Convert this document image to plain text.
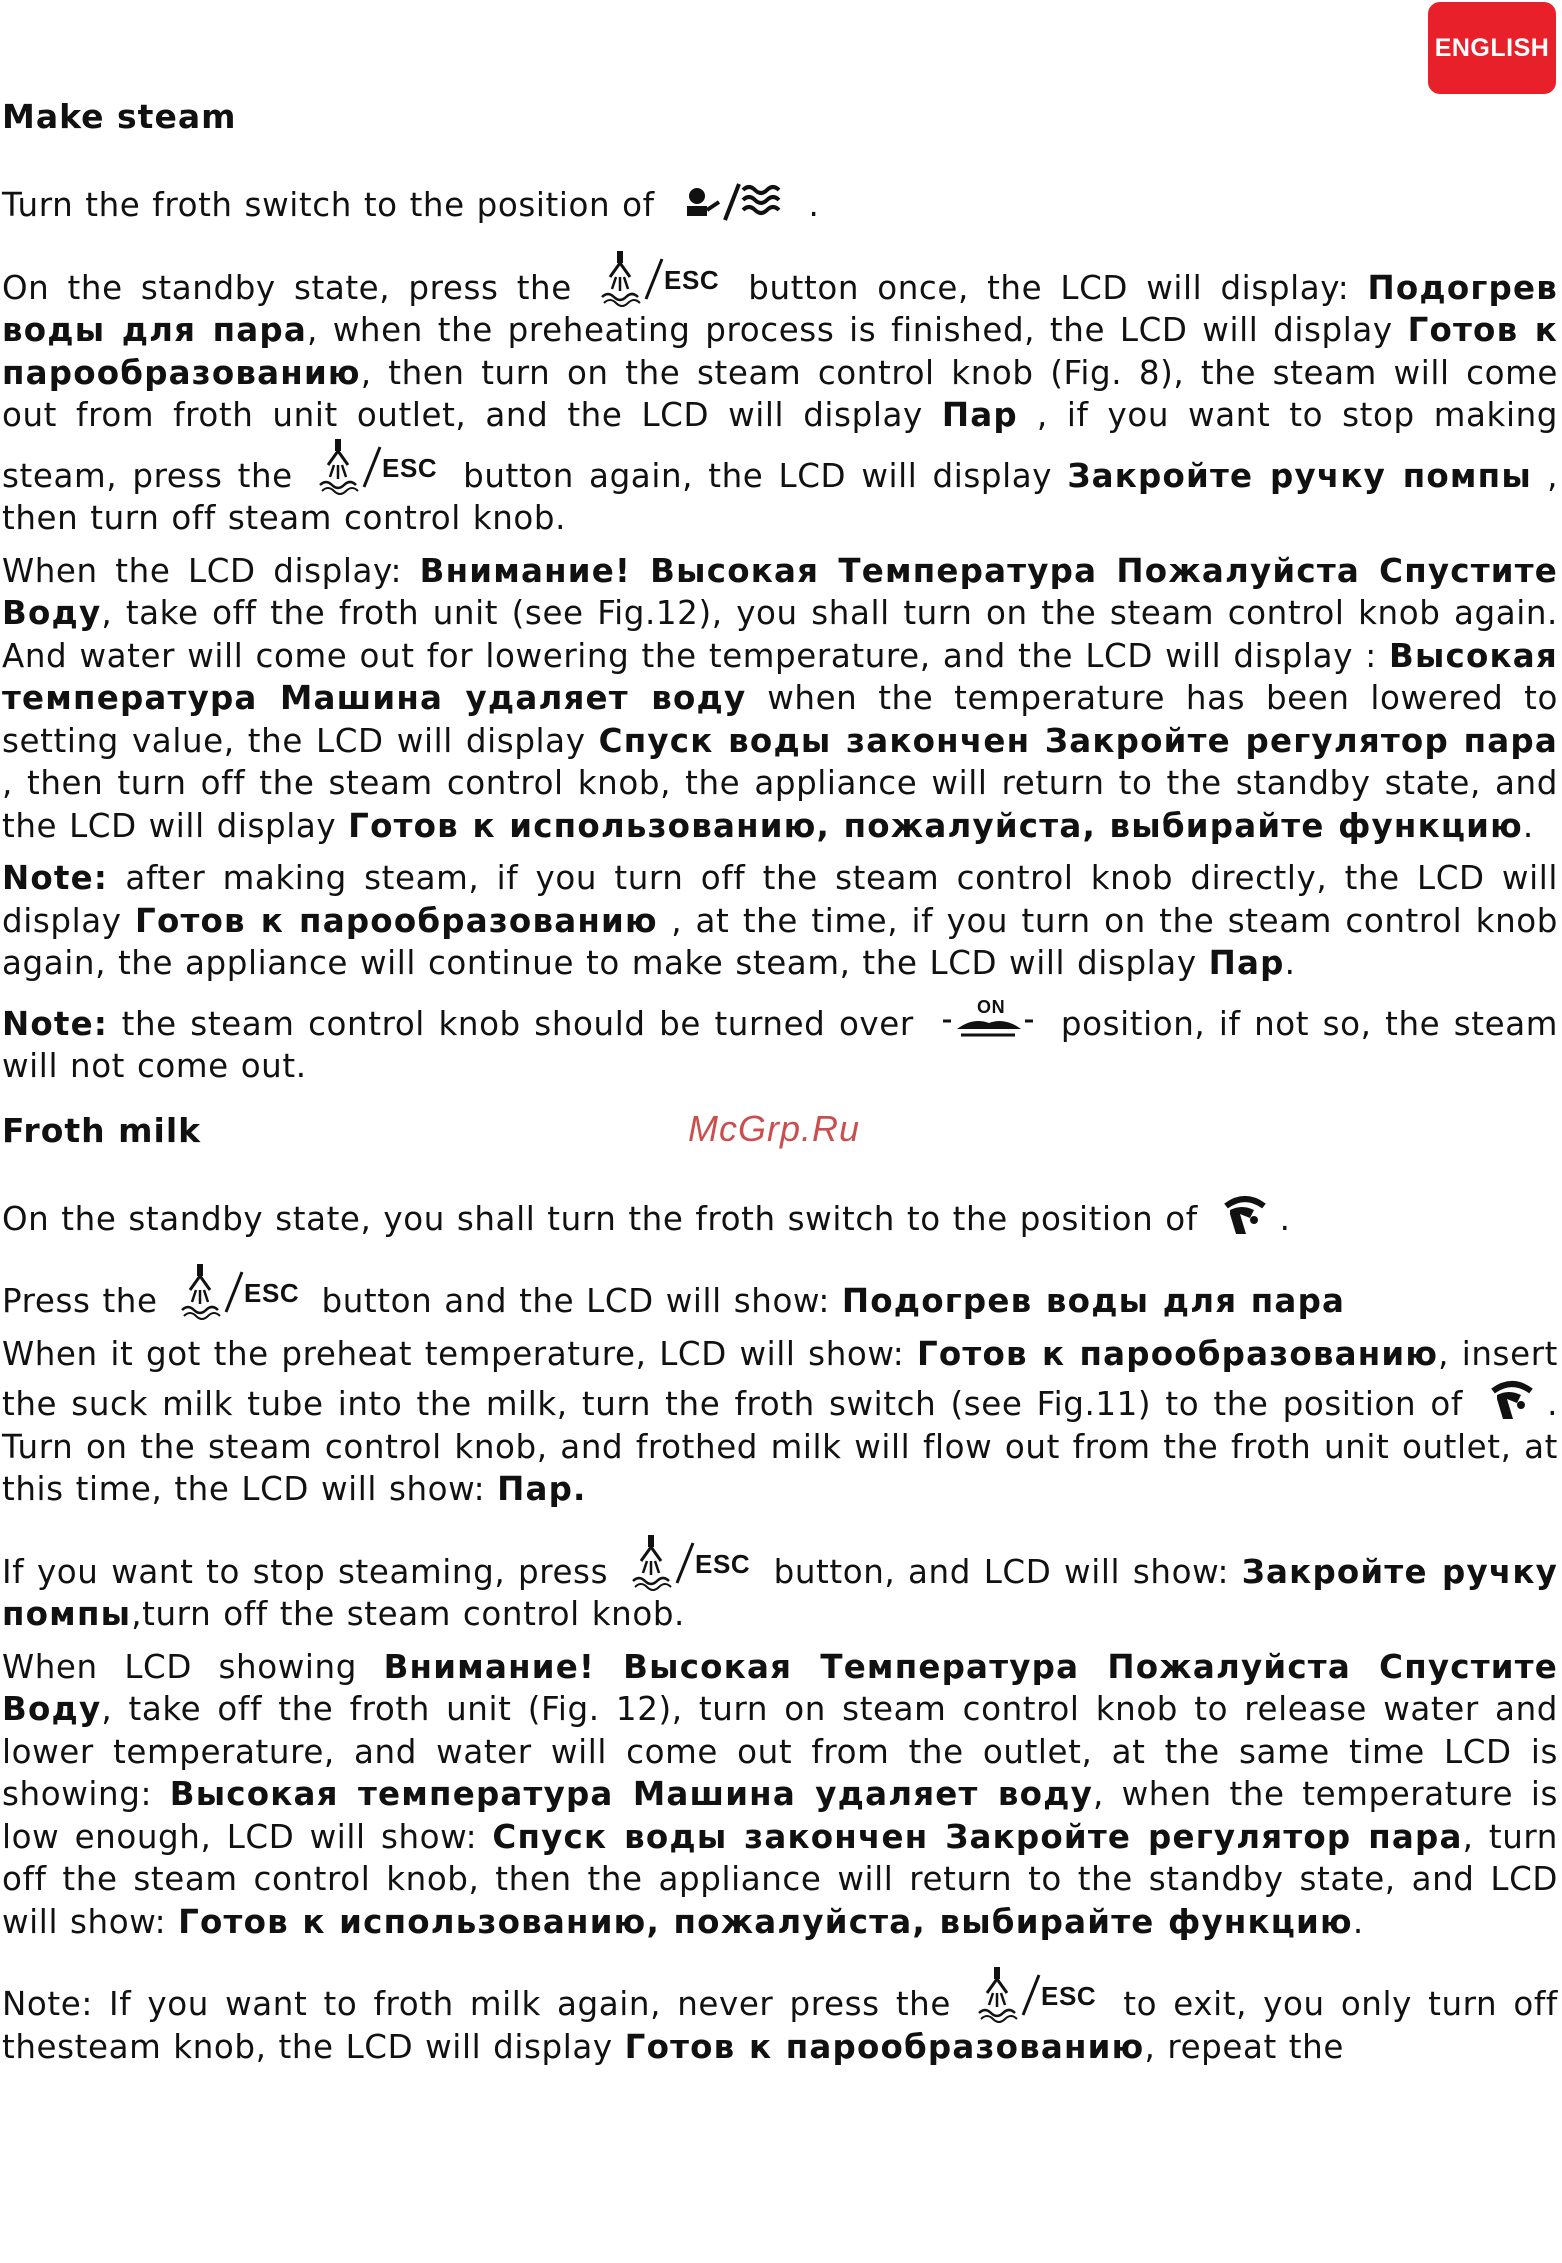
ENGLISH
McGrp.Ru
Make steam

Turn the froth switch to the position of	.

On the standby state, press the	button once, the LCD will display: Подогрев воды для пара, when the preheating process is finished, the LCD will display Готов к парообразованию, then turn on the steam control knob (Fig. 8), the steam will come out from froth unit outlet, and the LCD will display Пар , if you want to stop making steam, press the	button again, the LCD will display Закройте ручку помпы , then turn off steam control knob.

When the LCD display: Внимание! Высокая Температура Пожалуйста Спустите Воду, take off the froth unit (see Fig.12), you shall turn on the steam control knob again. And water will come out for lowering the temperature, and the LCD will display : Высокая температура Машина удаляет воду when the temperature has been lowered to setting value, the LCD will display Спуск воды закончен Закройте регулятор пара , then turn off the steam control knob, the appliance will return to the standby state, and the LCD will display Готов к использованию, пожалуйста, выбирайте функцию.

Note: after making steam, if you turn off the steam control knob directly, the LCD will display Готов к парообразованию , at the time, if you turn on the steam control knob again, the appliance will continue to make steam, the LCD will display Пар.

Note: the steam control knob should be turned over	position, if not so, the steam will not come out.

Froth milk

On the standby state, you shall turn the froth switch to the position of	.

Press the	button and the LCD will show: Подогрев воды для пара

When it got the preheat temperature, LCD will show: Готов к парообразованию, insert the suck milk tube into the milk, turn the froth switch (see Fig.11) to the position of	. Turn on the steam control knob, and frothed milk will flow out from the froth unit outlet, at this time, the LCD will show: Пар.

If you want to stop steaming, press	button, and LCD will show: Закройте ручку помпы,turn off the steam control knob.

When LCD showing Внимание! Высокая Температура Пожалуйста Спустите Воду, take off the froth unit (Fig. 12), turn on steam control knob to release water and lower temperature, and water will come out from the outlet, at the same time LCD is showing: Высокая температура Машина удаляет воду, when the temperature is low enough, LCD will show: Спуск воды закончен Закройте регулятор пара, turn off the steam control knob, then the appliance will return to the standby state, and LCD will show: Готов к использованию, пожалуйста, выбирайте функцию.

Note: If you want to froth milk again, never press the	to exit, you only turn off thesteam knob, the LCD will display Готов к парообразованию, repeat the
